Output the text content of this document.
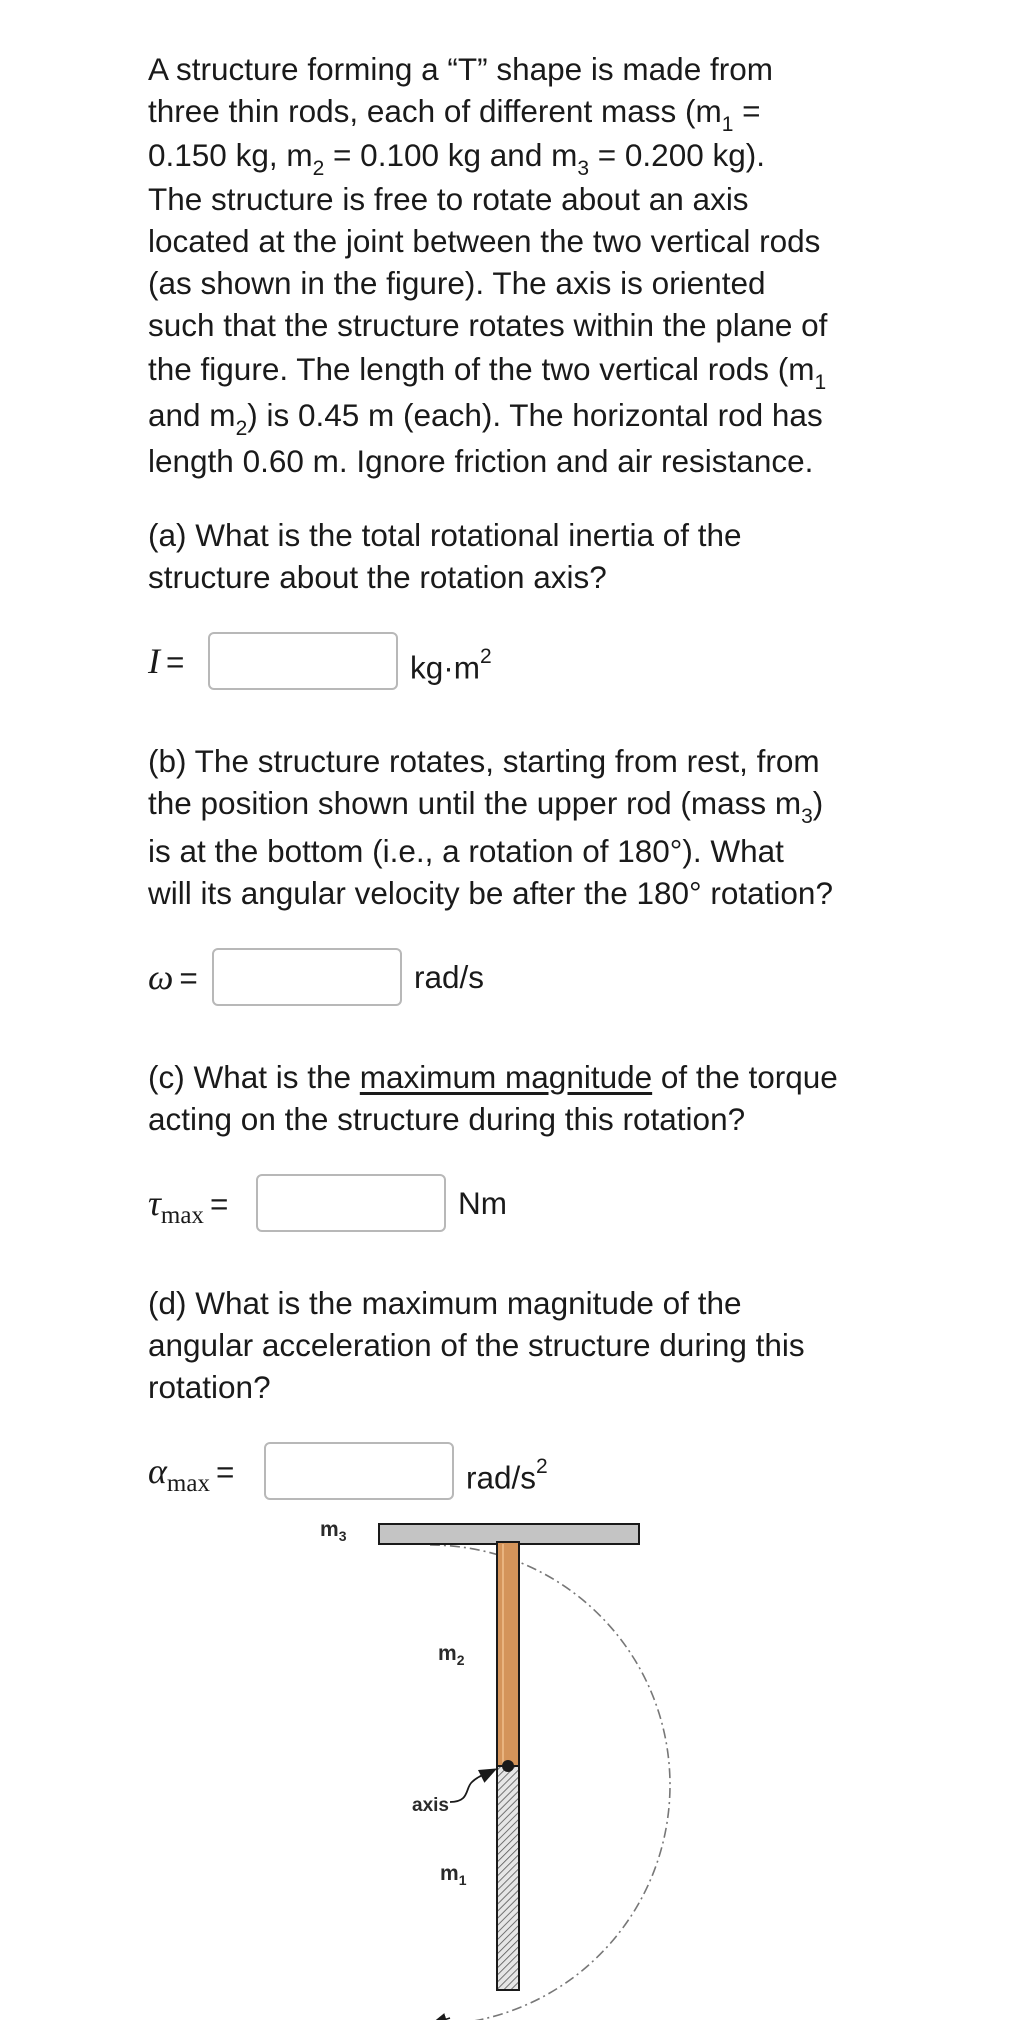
A structure forming a “T” shape is made from
three thin rods, each of different mass ($m_1$ =

0.150 kg, $m_2 = 0.100$ kg and $m_3 = 0.200$ kg).
The structure is free to rotate about an axis
located at the joint between the two vertical rods
(as shown in the figure). The axis is oriented
such that the structure rotates within the plane of

the figure. The length of the two vertical rods ($m_1$
and $m_2$) is 0.45 m (each). The horizontal rod has
length 0.60 m. Ignore friction and air resistance.

(a) What is the total rotational inertia of the
structure about the rotation axis?

I =	$kg\cdot m^2$

(b) The structure rotates, starting from rest, from
the position shown until the upper rod (mass $m_3$)
is at the bottom (i.e., a rotation of 180°). What
will its angular velocity be after the 180° rotation?

ω =	rad/s

(c) What is the maximum magnitude of the torque
acting on the structure during this rotation?

$\tau_{max}$ =	Nm

(d) What is the maximum magnitude of the
angular acceleration of the structure during this
rotation?

$\alpha_{max}$ =	rad/$s^2$
$m_3$
$m_2$
axis
$m_1$
